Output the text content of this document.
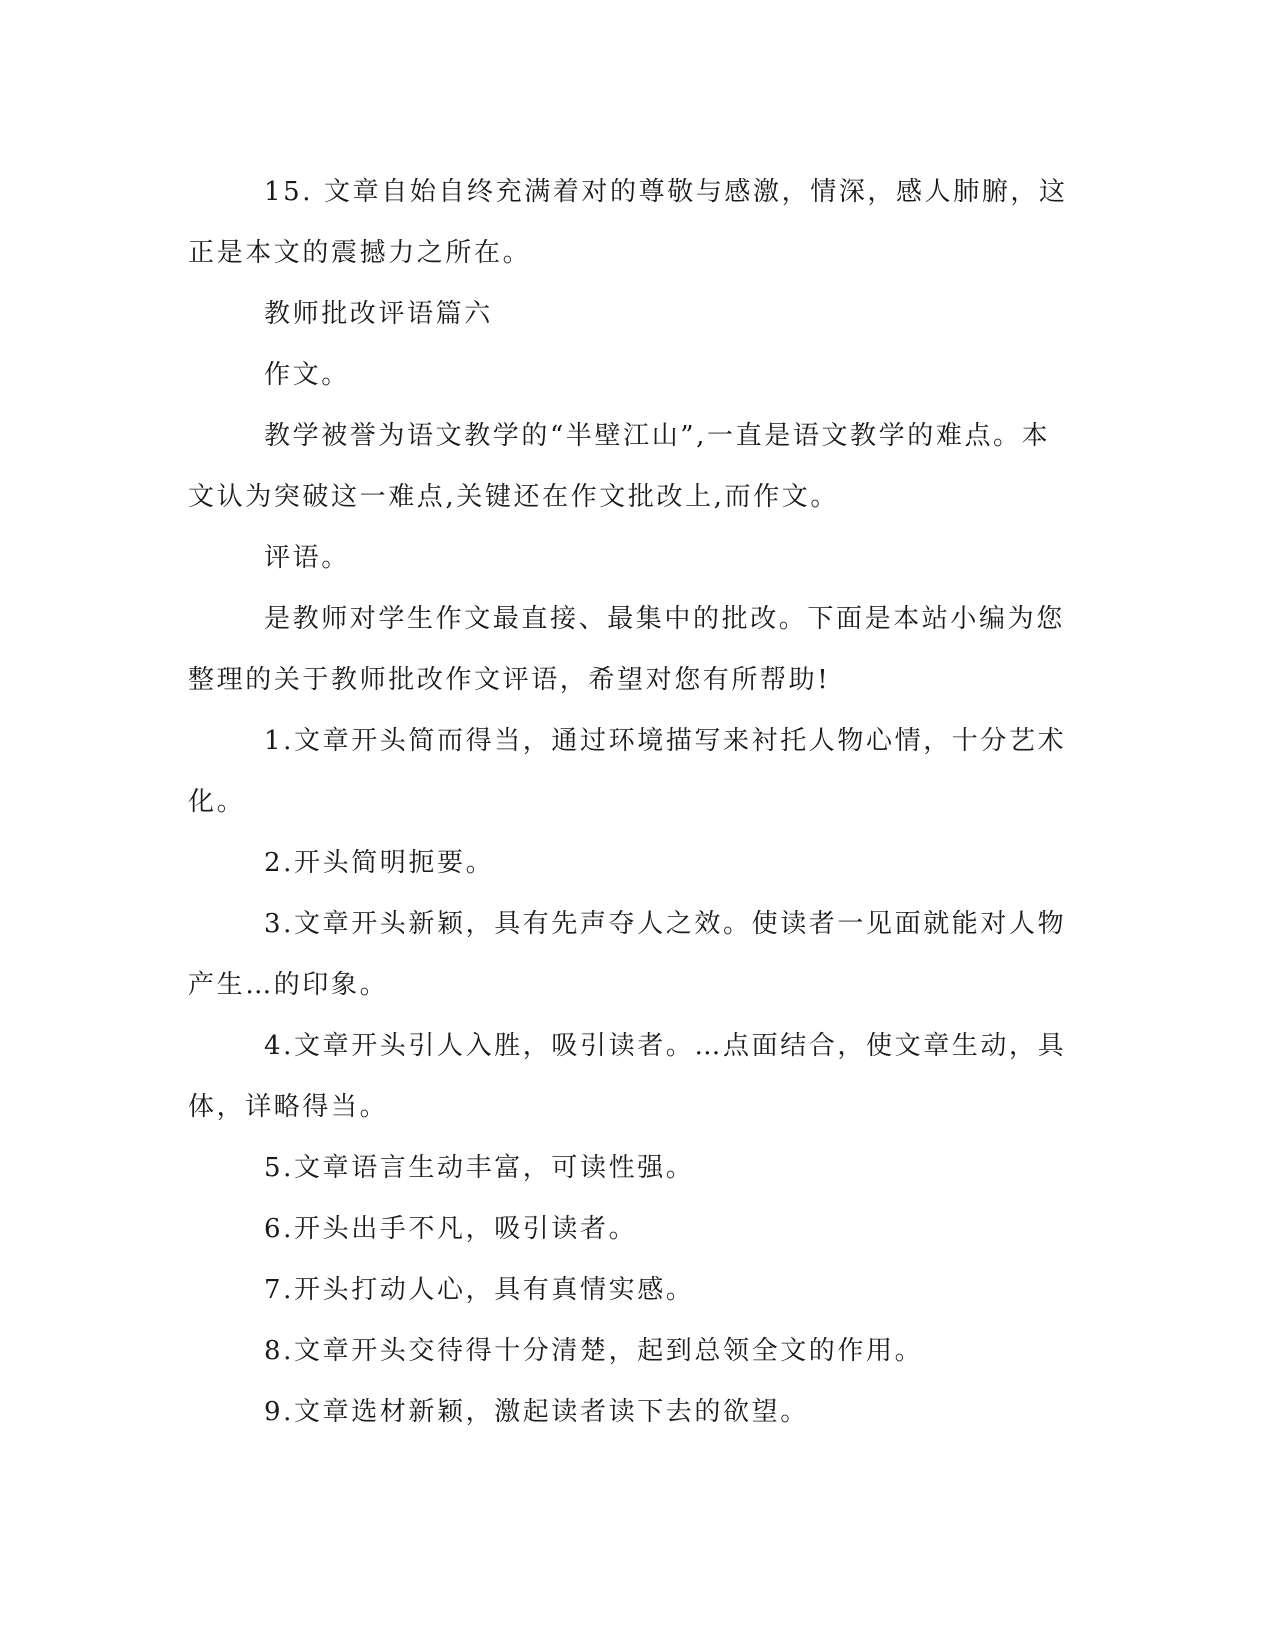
15. 文章自始自终充满着对的尊敬与感激，情深，感人肺腑，这正是本文的震撼力之所在。

教师批改评语篇六

作文。

教学被誉为语文教学的“半壁江山”,一直是语文教学的难点。本文认为突破这一难点,关键还在作文批改上,而作文。

评语。

是教师对学生作文最直接、最集中的批改。下面是本站小编为您整理的关于教师批改作文评语，希望对您有所帮助!

1.文章开头简而得当，通过环境描写来衬托人物心情，十分艺术化。

2.开头简明扼要。

3.文章开头新颖，具有先声夺人之效。使读者一见面就能对人物产生…的印象。

4.文章开头引人入胜，吸引读者。…点面结合，使文章生动，具体，详略得当。

5.文章语言生动丰富，可读性强。

6.开头出手不凡，吸引读者。

7.开头打动人心，具有真情实感。

8.文章开头交待得十分清楚，起到总领全文的作用。

9.文章选材新颖，激起读者读下去的欲望。
